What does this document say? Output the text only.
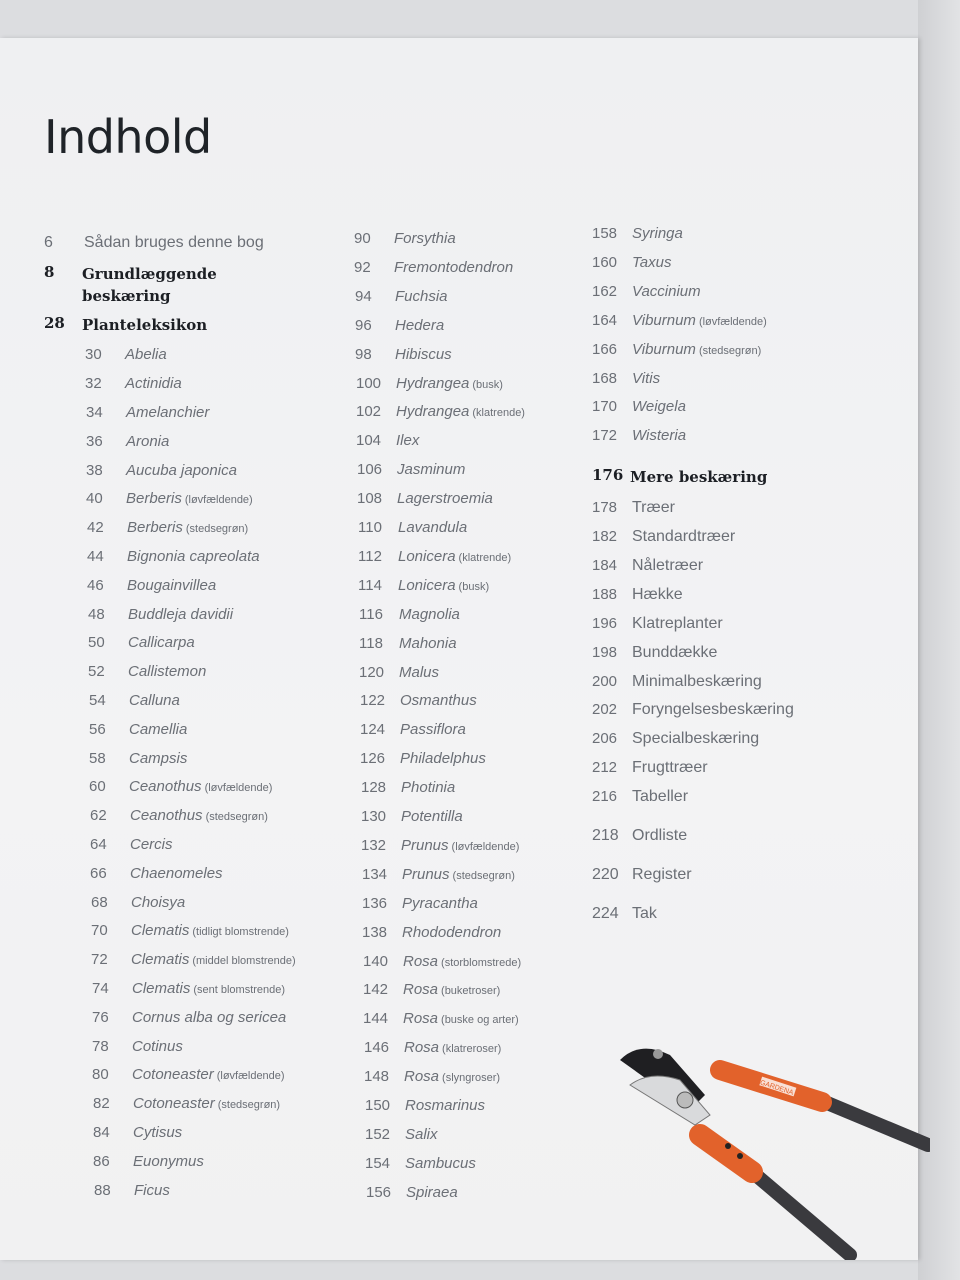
Indhold
6 Sådan bruges denne bog
8 Grundlæggende
beskæring
28 Planteleksikon
30 Abelia
32 Actinidia
34 Amelanchier
36 Aronia
38 Aucuba japonica
40 Berberis (løvfældende)
42 Berberis (stedsegrøn)
44 Bignonia capreolata
46 Bougainvillea
48 Buddleja davidii
50 Callicarpa
52 Callistemon
54 Calluna
56 Camellia
58 Campsis
60 Ceanothus (løvfældende)
62 Ceanothus (stedsegrøn)
64 Cercis
66 Chaenomeles
68 Choisya
70 Clematis (tidligt blomstrende)
72 Clematis (middel blomstrende)
74 Clematis (sent blomstrende)
76 Cornus alba og sericea
78 Cotinus
80 Cotoneaster (løvfældende)
82 Cotoneaster (stedsegrøn)
84 Cytisus
86 Euonymus
88 Ficus
90 Forsythia
92 Fremontodendron
94 Fuchsia
96 Hedera
98 Hibiscus
100 Hydrangea (busk)
102 Hydrangea (klatrende)
104 Ilex
106 Jasminum
108 Lagerstroemia
110 Lavandula
112 Lonicera (klatrende)
114 Lonicera (busk)
116 Magnolia
118 Mahonia
120 Malus
122 Osmanthus
124 Passiflora
126 Philadelphus
128 Photinia
130 Potentilla
132 Prunus (løvfældende)
134 Prunus (stedsegrøn)
136 Pyracantha
138 Rhododendron
140 Rosa (storblomstrede)
142 Rosa (buketroser)
144 Rosa (buske og arter)
146 Rosa (klatreroser)
148 Rosa (slyngroser)
150 Rosmarinus
152 Salix
154 Sambucus
156 Spiraea
158 Syringa
160 Taxus
162 Vaccinium
164 Viburnum (løvfældende)
166 Viburnum (stedsegrøn)
168 Vitis
170 Weigela
172 Wisteria
176 Mere beskæring
178 Træer
182 Standardtræer
184 Nåletræer
188 Hække
196 Klatreplanter
198 Bunddække
200 Minimalbeskæring
202 Foryngelsesbeskæring
206 Specialbeskæring
212 Frugttræer
216 Tabeller
218 Ordliste
220 Register
224 Tak
GARDENA
